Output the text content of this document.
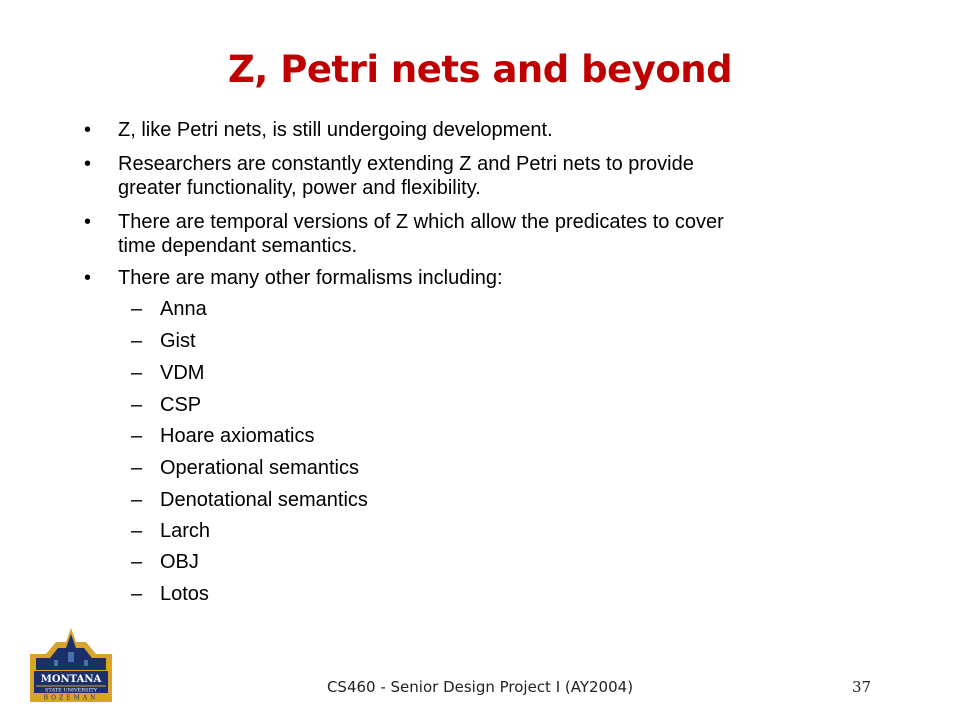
Z, Petri nets and beyond
• Z, like Petri nets, is still undergoing development.
• Researchers are constantly extending Z and Petri nets to provide
greater functionality, power and flexibility.
• There are temporal versions of Z which allow the predicates to cover
time dependant semantics.
• There are many other formalisms including:
– Anna
– Gist
– VDM
– CSP
– Hoare axiomatics
– Operational semantics
– Denotational semantics
– Larch
– OBJ
– Lotos
MONTANA
STATE UNIVERSITY
BOZEMAN
CS460 - Senior Design Project I (AY2004)	37
